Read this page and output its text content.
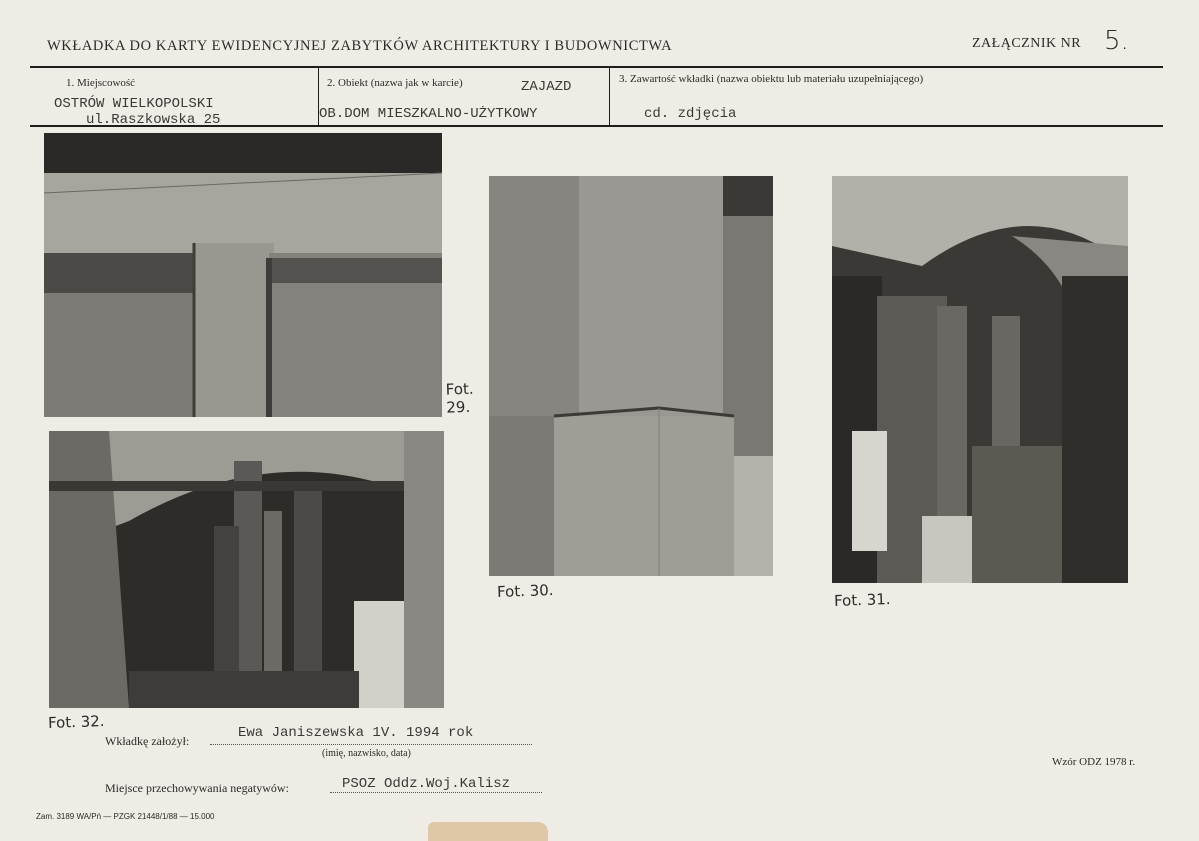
WKŁADKA DO KARTY EWIDENCYJNEJ ZABYTKÓW ARCHITEKTURY I BUDOWNICTWA	ZAŁĄCZNIK NR 5.
1. Miejscowość
OSTRÓW WIELKOPOLSKI
ul.Raszkowska 25
2. Obiekt (nazwa jak w karcie)	ZAJAZD
OB.DOM MIESZKALNO-UŻYTKOWY
3. Zawartość wkładki (nazwa obiektu lub materiału uzupełniającego)
cd. zdjęcia
Fot. 29.
Fot. 30.	Fot. 31.
Fot. 32.
Wkładkę założył:	Ewa Janiszewska 1V. 1994 rok
(imię, nazwisko, data)
Miejsce przechowywania negatywów:	PSOZ Oddz.Woj.Kalisz
Wzór ODZ 1978 r.
Zam. 3189 WA/Pń — PZGK 21448/1/88 — 15.000
